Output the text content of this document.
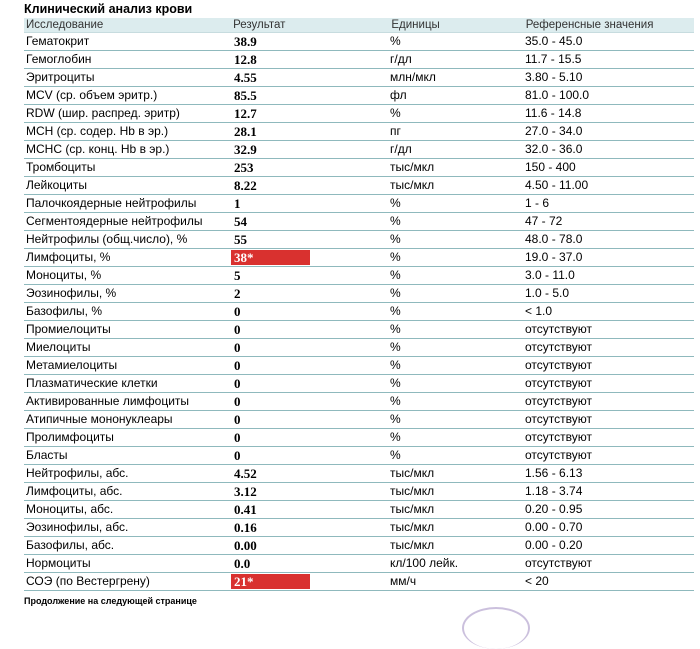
Клинический анализ крови
Исследование	Результат	Единицы	Референсные значения
Гематокрит	38.9	%	35.0 - 45.0
Гемоглобин	12.8	г/дл	11.7 - 15.5
Эритроциты	4.55	млн/мкл	3.80 - 5.10
MCV (ср. объем эритр.)	85.5	фл	81.0 - 100.0
RDW (шир. распред. эритр)	12.7	%	11.6 - 14.8
MCH (ср. содер. Hb в эр.)	28.1	пг	27.0 - 34.0
MCHC (ср. конц. Hb в эр.)	32.9	г/дл	32.0 - 36.0
Тромбоциты	253	тыс/мкл	150 - 400
Лейкоциты	8.22	тыс/мкл	4.50 - 11.00
Палочкоядерные нейтрофилы	1	%	1 - 6
Сегментоядерные нейтрофилы	54	%	47 - 72
Нейтрофилы (общ.число), %	55	%	48.0 - 78.0
Лимфоциты, %	38*	%	19.0 - 37.0
Моноциты, %	5	%	3.0 - 11.0
Эозинофилы, %	2	%	1.0 - 5.0
Базофилы, %	0	%	< 1.0
Промиелоциты	0	%	отсутствуют
Миелоциты	0	%	отсутствуют
Метамиелоциты	0	%	отсутствуют
Плазматические клетки	0	%	отсутствуют
Активированные лимфоциты	0	%	отсутствуют
Атипичные мононуклеары	0	%	отсутствуют
Пролимфоциты	0	%	отсутствуют
Бласты	0	%	отсутствуют
Нейтрофилы, абс.	4.52	тыс/мкл	1.56 - 6.13
Лимфоциты, абс.	3.12	тыс/мкл	1.18 - 3.74
Моноциты, абс.	0.41	тыс/мкл	0.20 - 0.95
Эозинофилы, абс.	0.16	тыс/мкл	0.00 - 0.70
Базофилы, абс.	0.00	тыс/мкл	0.00 - 0.20
Нормоциты	0.0	кл/100 лейк.	отсутствуют
СОЭ (по Вестергрену)	21*	мм/ч	< 20
Продолжение на следующей странице
